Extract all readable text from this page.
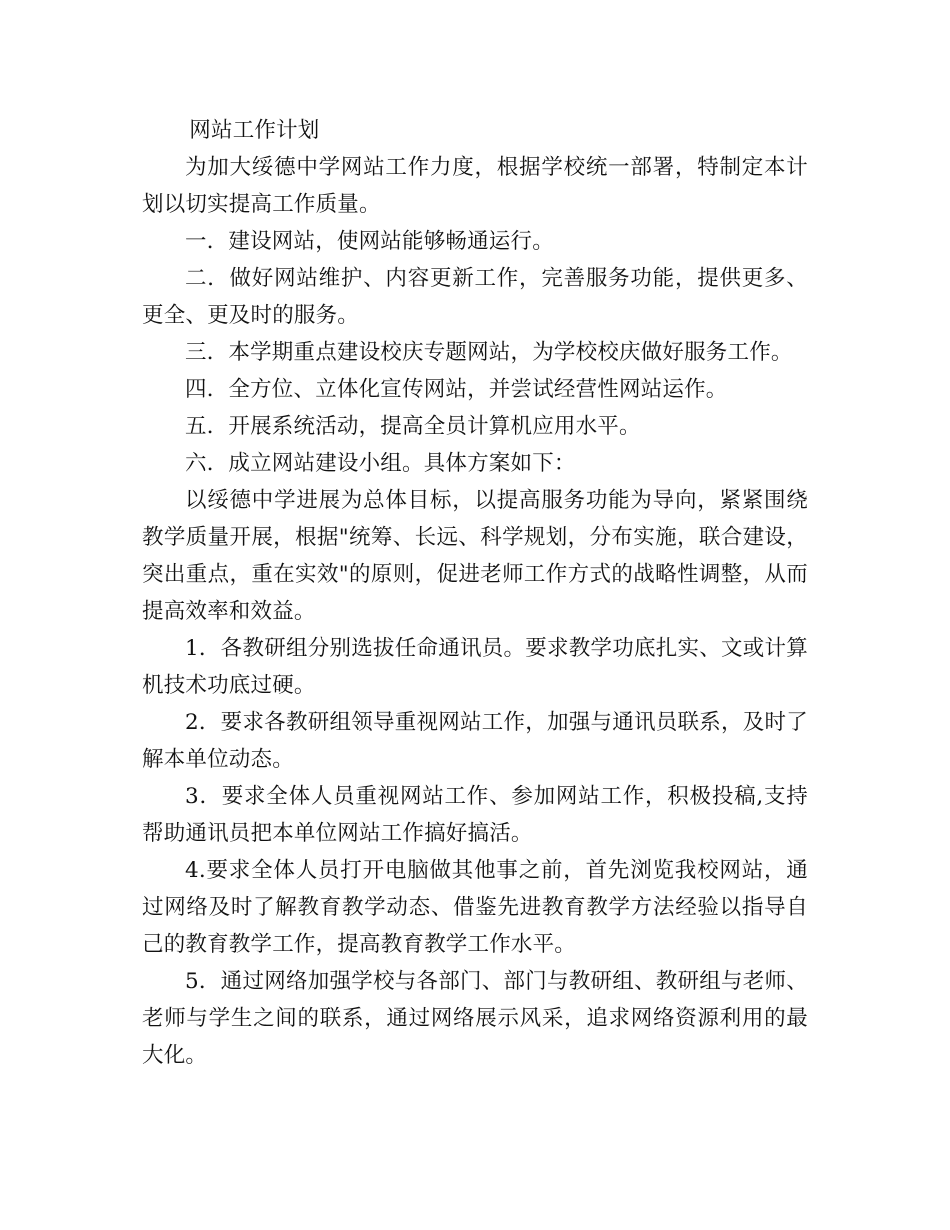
网站工作计划

为加大绥德中学网站工作力度，根据学校统一部署，特制定本计划以切实提高工作质量。

一．建设网站，使网站能够畅通运行。

二．做好网站维护、内容更新工作，完善服务功能，提供更多、更全、更及时的服务。

三．本学期重点建设校庆专题网站，为学校校庆做好服务工作。

四．全方位、立体化宣传网站，并尝试经营性网站运作。

五．开展系统活动，提高全员计算机应用水平。

六．成立网站建设小组。具体方案如下：

以绥德中学进展为总体目标，以提高服务功能为导向，紧紧围绕教学质量开展，根据"统筹、长远、科学规划，分布实施，联合建设，突出重点，重在实效"的原则，促进老师工作方式的战略性调整，从而提高效率和效益。

1．各教研组分别选拔任命通讯员。要求教学功底扎实、文或计算机技术功底过硬。

2．要求各教研组领导重视网站工作，加强与通讯员联系，及时了解本单位动态。

3．要求全体人员重视网站工作、参加网站工作，积极投稿,支持帮助通讯员把本单位网站工作搞好搞活。

4.要求全体人员打开电脑做其他事之前，首先浏览我校网站，通过网络及时了解教育教学动态、借鉴先进教育教学方法经验以指导自己的教育教学工作，提高教育教学工作水平。

5．通过网络加强学校与各部门、部门与教研组、教研组与老师、老师与学生之间的联系，通过网络展示风采，追求网络资源利用的最大化。
